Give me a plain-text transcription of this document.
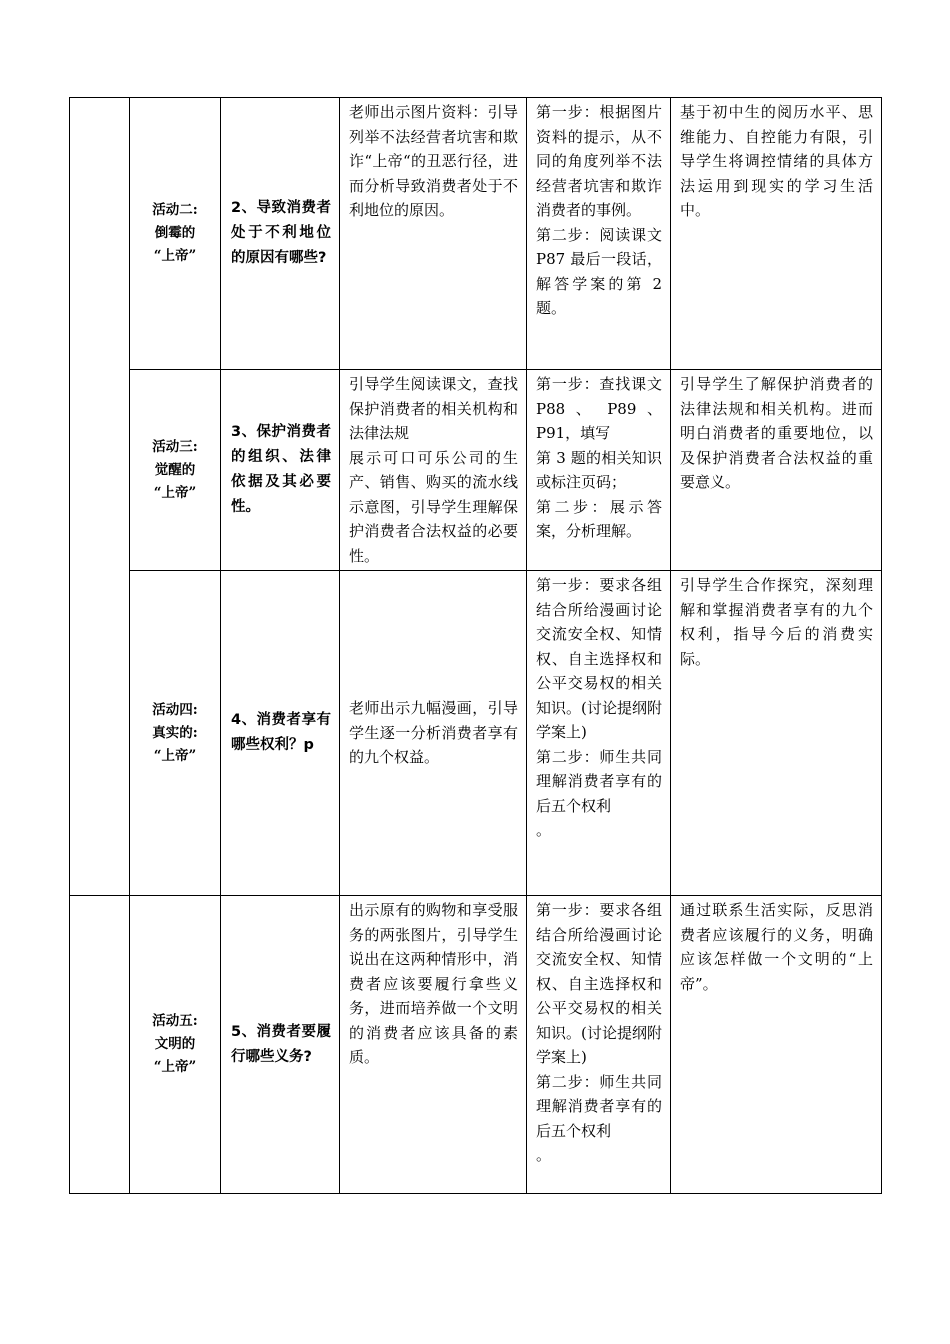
	活动二:
倒霉的
“上帝”	2、导致消费者处于不利地位的原因有哪些?	老师出示图片资料：引导列举不法经营者坑害和欺诈“上帝“的丑恶行径，进而分析导致消费者处于不利地位的原因。	第一步：根据图片资料的提示，从不同的角度列举不法经营者坑害和欺诈消费者的事例。
第二步：阅读课文 P87 最后一段话，解答学案的第 2 题。	基于初中生的阅历水平、思维能力、自控能力有限，引导学生将调控情绪的具体方法运用到现实的学习生活中。

	活动三:
觉醒的
“上帝”	3、保护消费者的组织、法律依据及其必要性。	引导学生阅读课文，查找保护消费者的相关机构和法律法规
展示可口可乐公司的生产、销售、购买的流水线示意图，引导学生理解保护消费者合法权益的必要性。	第一步：查找课文 P88 、 P89 、P91，填写
第 3 题的相关知识或标注页码；
第二步：展示答案，分析理解。	引导学生了解保护消费者的法律法规和相关机构。进而明白消费者的重要地位，以及保护消费者合法权益的重要意义。

	活动四:
真实的:
“上帝”	4、消费者享有哪些权利？p	老师出示九幅漫画，引导学生逐一分析消费者享有的九个权益。	第一步：要求各组结合所给漫画讨论交流安全权、知情权、自主选择权和公平交易权的相关知识。(讨论提纲附学案上)
第二步：师生共同理解消费者享有的后五个权利
。	引导学生合作探究，深刻理解和掌握消费者享有的九个权利，指导今后的消费实际。

	活动五:
文明的
“上帝”	5、消费者要履行哪些义务?	出示原有的购物和享受服务的两张图片，引导学生说出在这两种情形中，消费者应该要履行拿些义务，进而培养做一个文明的消费者应该具备的素质。	第一步：要求各组结合所给漫画讨论交流安全权、知情权、自主选择权和公平交易权的相关知识。(讨论提纲附学案上)
第二步：师生共同理解消费者享有的后五个权利
。	通过联系生活实际，反思消费者应该履行的义务，明确应该怎样做一个文明的“上帝”。
